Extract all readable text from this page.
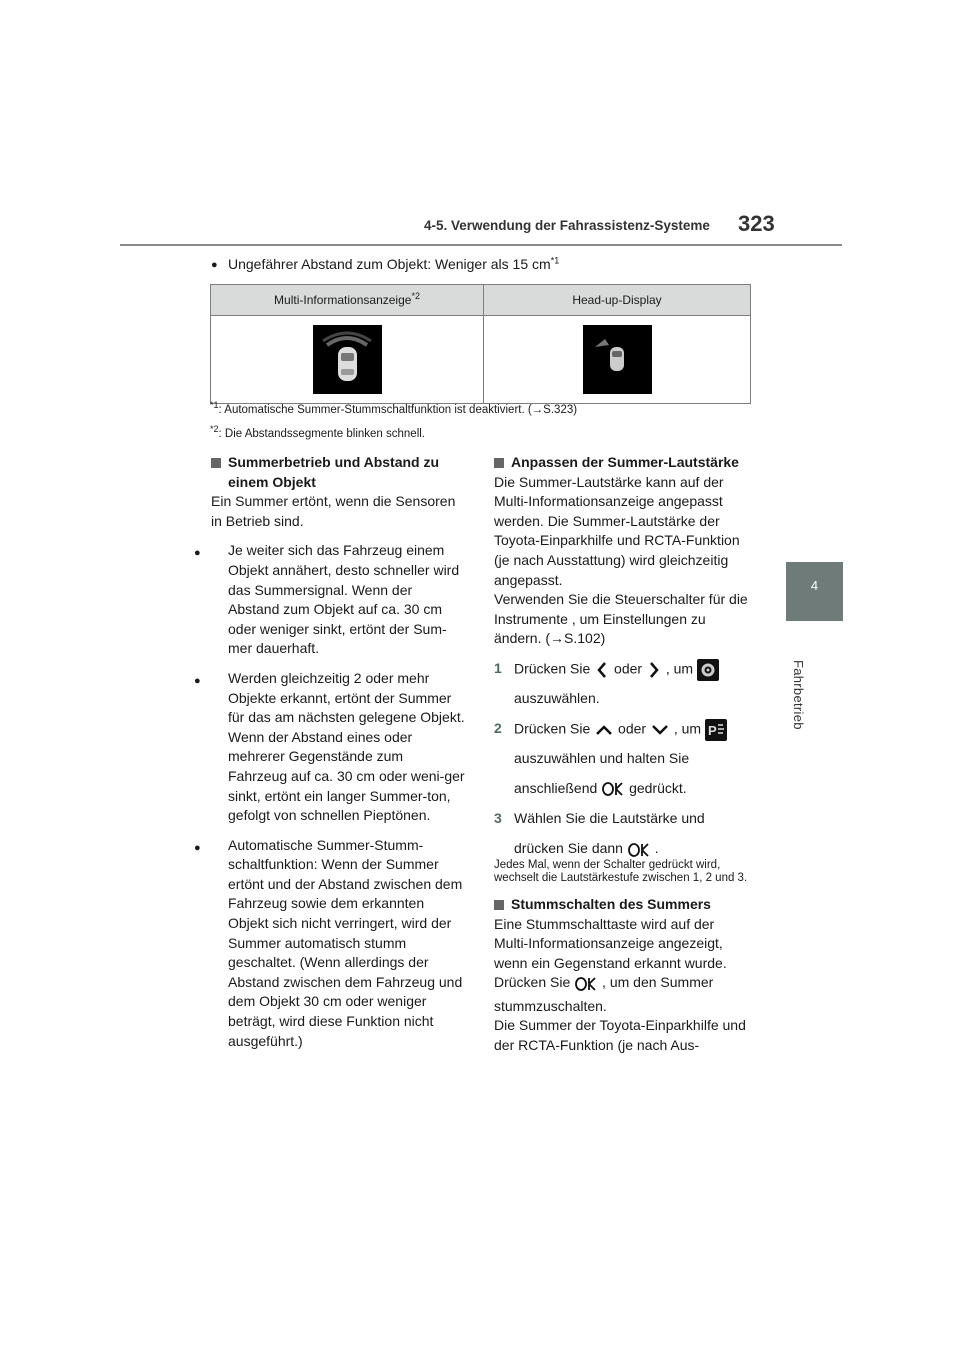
4-5. Verwendung der Fahrassistenz-Systeme 323
4
Fahrbetrieb
● Ungefährer Abstand zum Objekt: Weniger als 15 $cm^{*1}$
Multi-Informationsanzeige$^{*2}$	Head-up-Display

$^{*1}$: Automatische Summer-Stummschaltfunktion ist deaktiviert. (→S.323)
$^{*2}$: Die Abstandssegmente blinken schnell.
Summerbetrieb und Abstand zu einem Objekt

Ein Summer ertönt, wenn die Sensoren in Betrieb sind.

● Je weiter sich das Fahrzeug einem Objekt annähert, desto schneller wird das Summersignal. Wenn der Abstand zum Objekt auf ca. 30 cm oder weniger sinkt, ertönt der Sum-mer dauerhaft.
● Werden gleichzeitig 2 oder mehr Objekte erkannt, ertönt der Summer für das am nächsten gelegene Objekt. Wenn der Abstand eines oder mehrerer Gegenstände zum Fahrzeug auf ca. 30 cm oder weni-ger sinkt, ertönt ein langer Summer-ton, gefolgt von schnellen Pieptönen.
● Automatische Summer-Stumm-schaltfunktion: Wenn der Summer ertönt und der Abstand zwischen dem Fahrzeug sowie dem erkannten Objekt sich nicht verringert, wird der Summer automatisch stumm geschaltet. (Wenn allerdings der Abstand zwischen dem Fahrzeug und dem Objekt 30 cm oder weniger beträgt, wird diese Funktion nicht ausgeführt.)
Anpassen der Summer-Lautstärke

Die Summer-Lautstärke kann auf der Multi-Informationsanzeige angepasst werden. Die Summer-Lautstärke der Toyota-Einparkhilfe und RCTA-Funktion (je nach Ausstattung) wird gleichzeitig angepasst.

Verwenden Sie die Steuerschalter für die Instrumente , um Einstellungen zu ändern. (→S.102)

1 Drücken Sie oder , um
auszuwählen.
2 Drücken Sie oder , um P
auszuwählen und halten Sie
anschließend gedrückt.
3 Wählen Sie die Lautstärke und
drücken Sie dann .

Jedes Mal, wenn der Schalter gedrückt wird, wechselt die Lautstärkestufe zwischen 1, 2 und 3.

Stummschalten des Summers

Eine Stummschalttaste wird auf der Multi-Informationsanzeige angezeigt, wenn ein Gegenstand erkannt wurde.

Drücken Sie , um den Summer

stummzuschalten.

Die Summer der Toyota-Einparkhilfe und der RCTA-Funktion (je nach Aus-
